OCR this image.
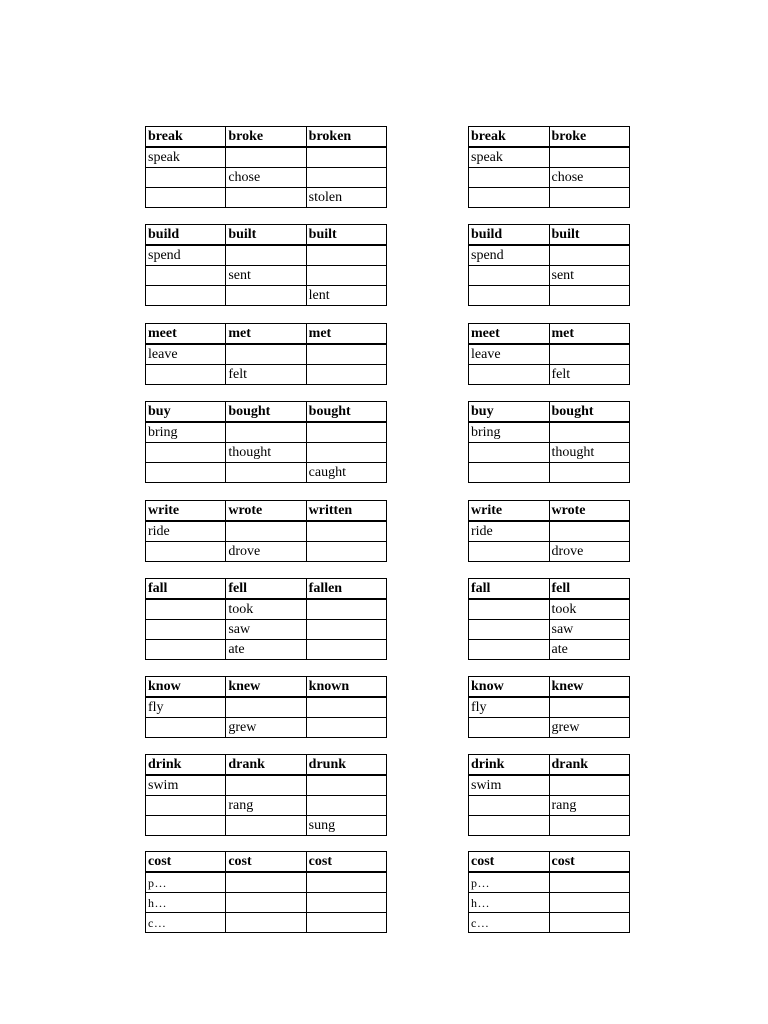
break	broke	broken
speak		
	chose	
		stolen
build	built	built
spend		
	sent	
		lent
meet	met	met
leave		
	felt	
buy	bought	bought
bring		
	thought	
		caught
write	wrote	written
ride		
	drove	
fall	fell	fallen
	took	
	saw	
	ate	
know	knew	known
fly		
	grew	
drink	drank	drunk
swim		
	rang	
		sung
cost	cost	cost
p…		
h…		
c…		
break	broke
speak	
	chose

build	built
spend	
	sent

meet	met
leave	
	felt
buy	bought
bring	
	thought

write	wrote
ride	
	drove
fall	fell
	took
	saw
	ate
know	knew
fly	
	grew
drink	drank
swim	
	rang

cost	cost
p…	
h…	
c…	
